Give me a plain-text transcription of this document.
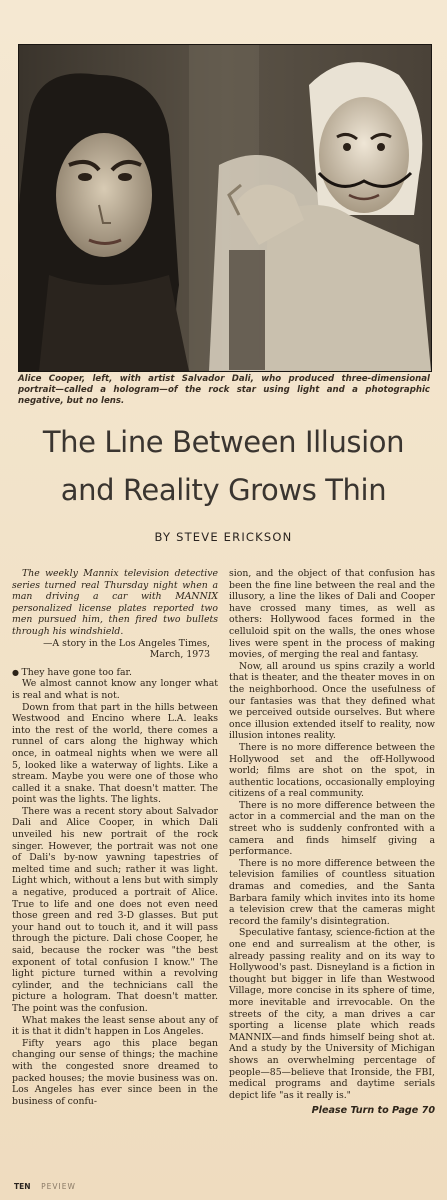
Alice Cooper, left, with artist Salvador Dali, who produced three-dimensional portrait—called a hologram—of the rock star using light and a photographic negative, but no lens.
The Line Between Illusion
and Reality Grows Thin
BY STEVE ERICKSON

The weekly Mannix television detective series turned real Thursday night when a man driving a car with MANNIX personalized license plates reported two men pursued him, then fired two bullets through his windshield.

—A story in the Los Angeles Times, March, 1973

● They have gone too far.

We almost cannot know any longer what is real and what is not.

Down from that part in the hills between Westwood and Encino where L.A. leaks into the rest of the world, there comes a runnel of cars along the highway which once, in oatmeal nights when we were all 5, looked like a waterway of lights. Like a stream. Maybe you were one of those who called it a snake. That doesn't matter. The point was the lights. The lights.

There was a recent story about Salvador Dali and Alice Cooper, in which Dali unveiled his new portrait of the rock singer. However, the portrait was not one of Dali's by-now yawning tapestries of melted time and such; rather it was light. Light which, without a lens but with simply a negative, produced a portrait of Alice. True to life and one does not even need those green and red 3-D glasses. But put your hand out to touch it, and it will pass through the picture. Dali chose Cooper, he said, because the rocker was "the best exponent of total confusion I know." The light picture turned within a revolving cylinder, and the technicians call the picture a hologram. That doesn't matter. The point was the confusion.

What makes the least sense about any of it is that it didn't happen in Los Angeles.

Fifty years ago this place began changing our sense of things; the machine with the congested snore dreamed to packed houses; the movie business was on. Los Angeles has ever since been in the business of confu-

sion, and the object of that confusion has been the fine line between the real and the illusory, a line the likes of Dali and Cooper have crossed many times, as well as others: Hollywood faces formed in the celluloid spit on the walls, the ones whose lives were spent in the process of making movies, of merging the real and fantasy.

Now, all around us spins crazily a world that is theater, and the theater moves in on the neighborhood. Once the usefulness of our fantasies was that they defined what we perceived outside ourselves. But where once illusion extended itself to reality, now illusion intones reality.

There is no more difference between the Hollywood set and the off-Hollywood world; films are shot on the spot, in authentic locations, occasionally employing citizens of a real community.

There is no more difference between the actor in a commercial and the man on the street who is suddenly confronted with a camera and finds himself giving a performance.

There is no more difference between the television families of countless situation dramas and comedies, and the Santa Barbara family which invites into its home a television crew that the cameras might record the family's disintegration.

Speculative fantasy, science-fiction at the one end and surrealism at the other, is already passing reality and on its way to Hollywood's past. Disneyland is a fiction in thought but bigger in life than Westwood Village, more concise in its sphere of time, more inevitable and irrevocable. On the streets of the city, a man drives a car sporting a license plate which reads MANNIX—and finds himself being shot at. And a study by the University of Michigan shows an overwhelming percentage of people—85—believe that Ironside, the FBI, medical programs and daytime serials depict life "as it really is."

Please Turn to Page 70

TEN PEVIEW
